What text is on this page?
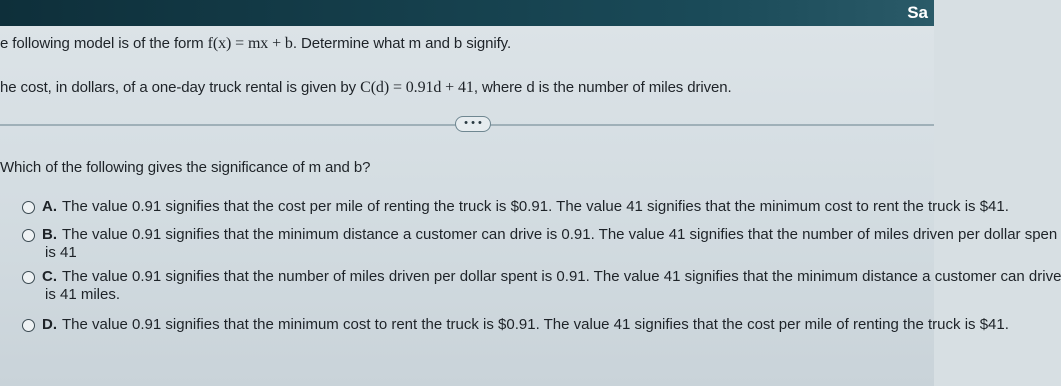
Sa
e following model is of the form f(x) = mx + b. Determine what m and b signify.
he cost, in dollars, of a one-day truck rental is given by C(d) = 0.91d + 41, where d is the number of miles driven.
• • •
Which of the following gives the significance of m and b?
A. The value 0.91 signifies that the cost per mile of renting the truck is $0.91. The value 41 signifies that the minimum cost to rent the truck is $41.
B. The value 0.91 signifies that the minimum distance a customer can drive is 0.91. The value 41 signifies that the number of miles driven per dollar spen
is 41
C. The value 0.91 signifies that the number of miles driven per dollar spent is 0.91. The value 41 signifies that the minimum distance a customer can drive
is 41 miles.
D. The value 0.91 signifies that the minimum cost to rent the truck is $0.91. The value 41 signifies that the cost per mile of renting the truck is $41.
